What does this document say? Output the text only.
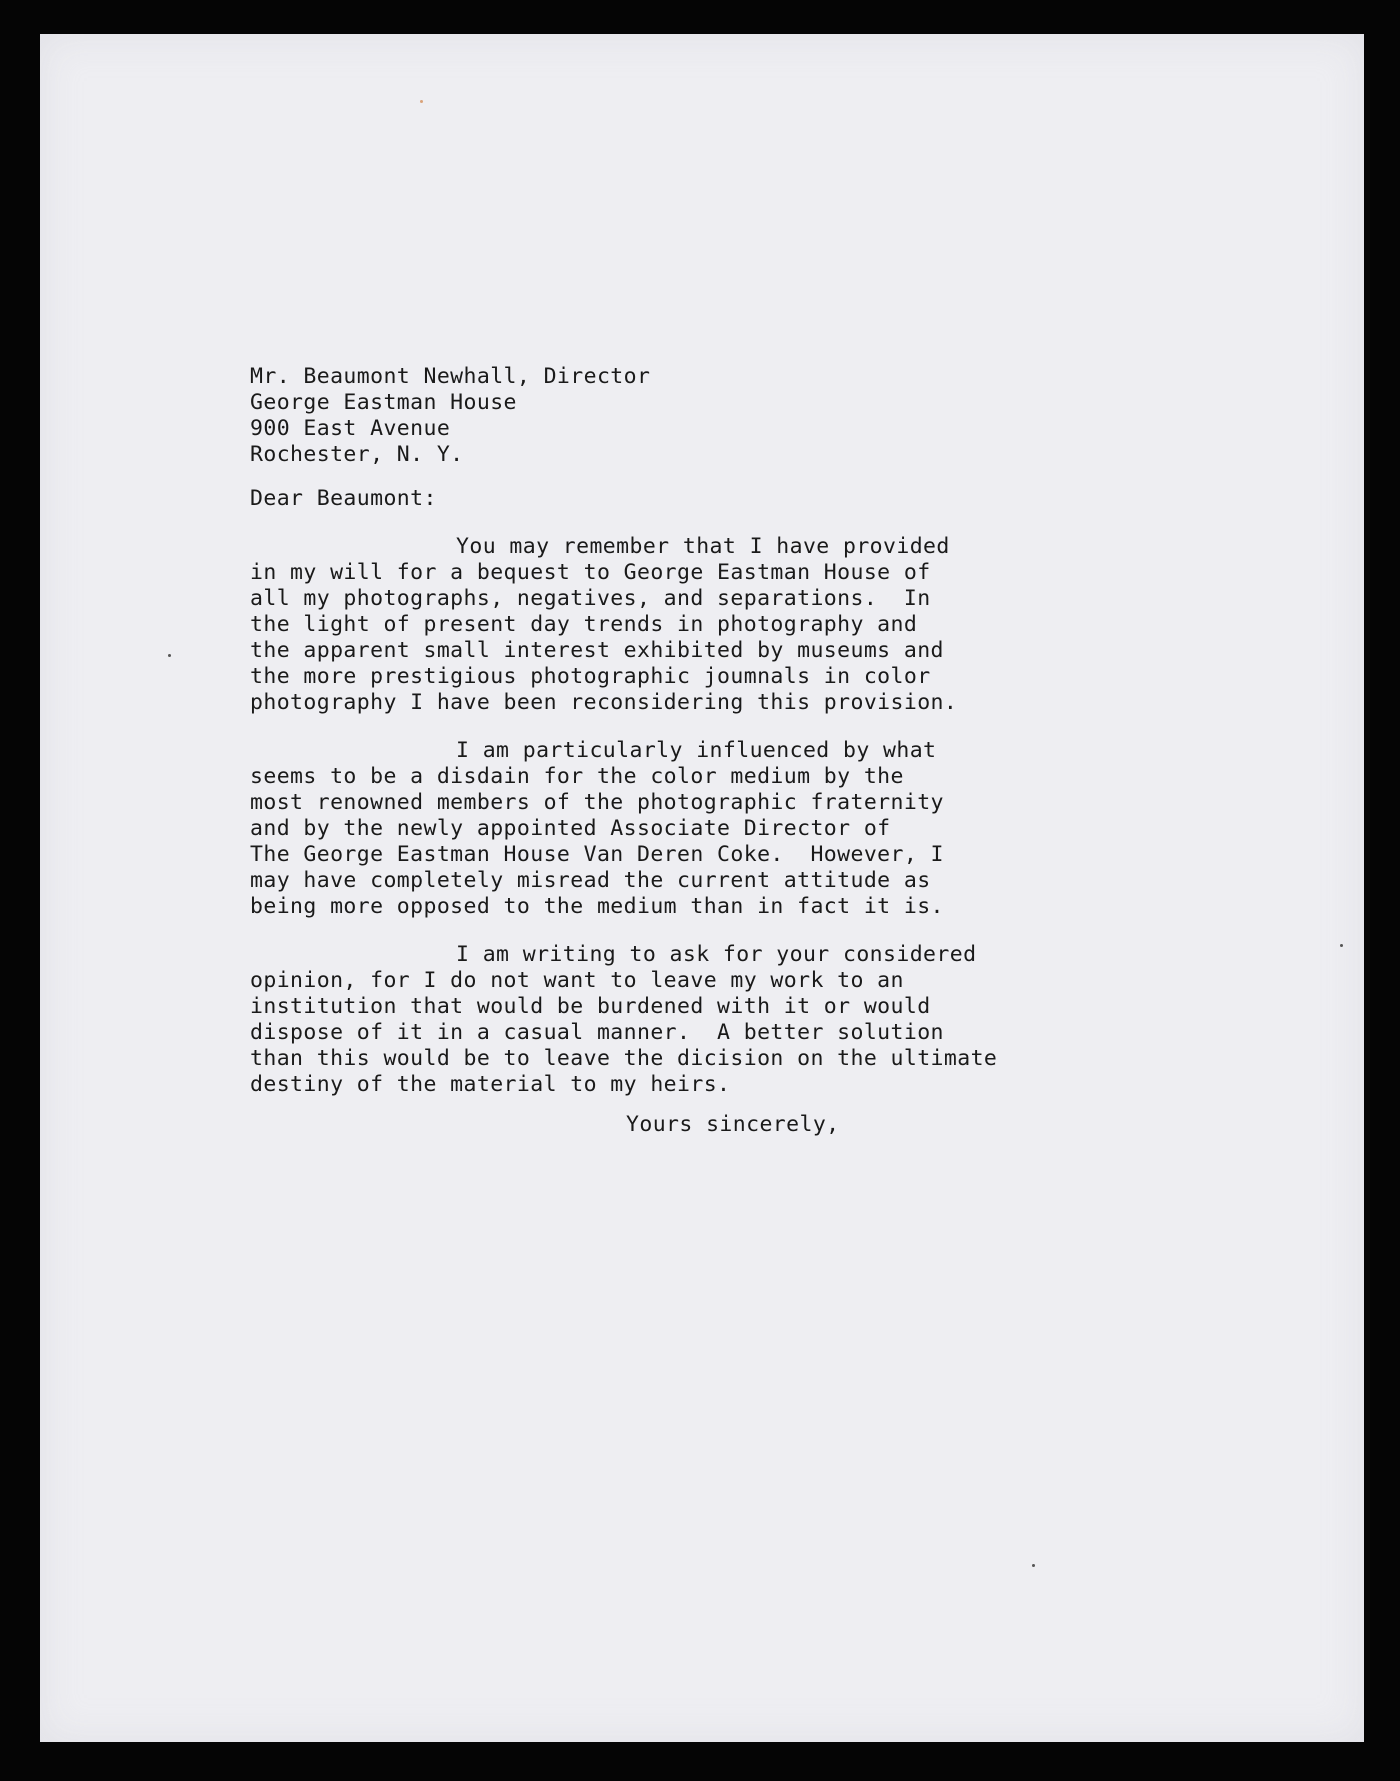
Mr. Beaumont Newhall, Director
George Eastman House
900 East Avenue
Rochester, N. Y.
Dear Beaumont:
You may remember that I have provided
in my will for a bequest to George Eastman House of
all my photographs, negatives, and separations.  In
the light of present day trends in photography and
the apparent small interest exhibited by museums and
the more prestigious photographic joumnals in color
photography I have been reconsidering this provision.
I am particularly influenced by what
seems to be a disdain for the color medium by the
most renowned members of the photographic fraternity
and by the newly appointed Associate Director of
The George Eastman House Van Deren Coke.  However, I
may have completely misread the current attitude as
being more opposed to the medium than in fact it is.
I am writing to ask for your considered
opinion, for I do not want to leave my work to an
institution that would be burdened with it or would
dispose of it in a casual manner.  A better solution
than this would be to leave the dicision on the ultimate
destiny of the material to my heirs.
Yours sincerely,
